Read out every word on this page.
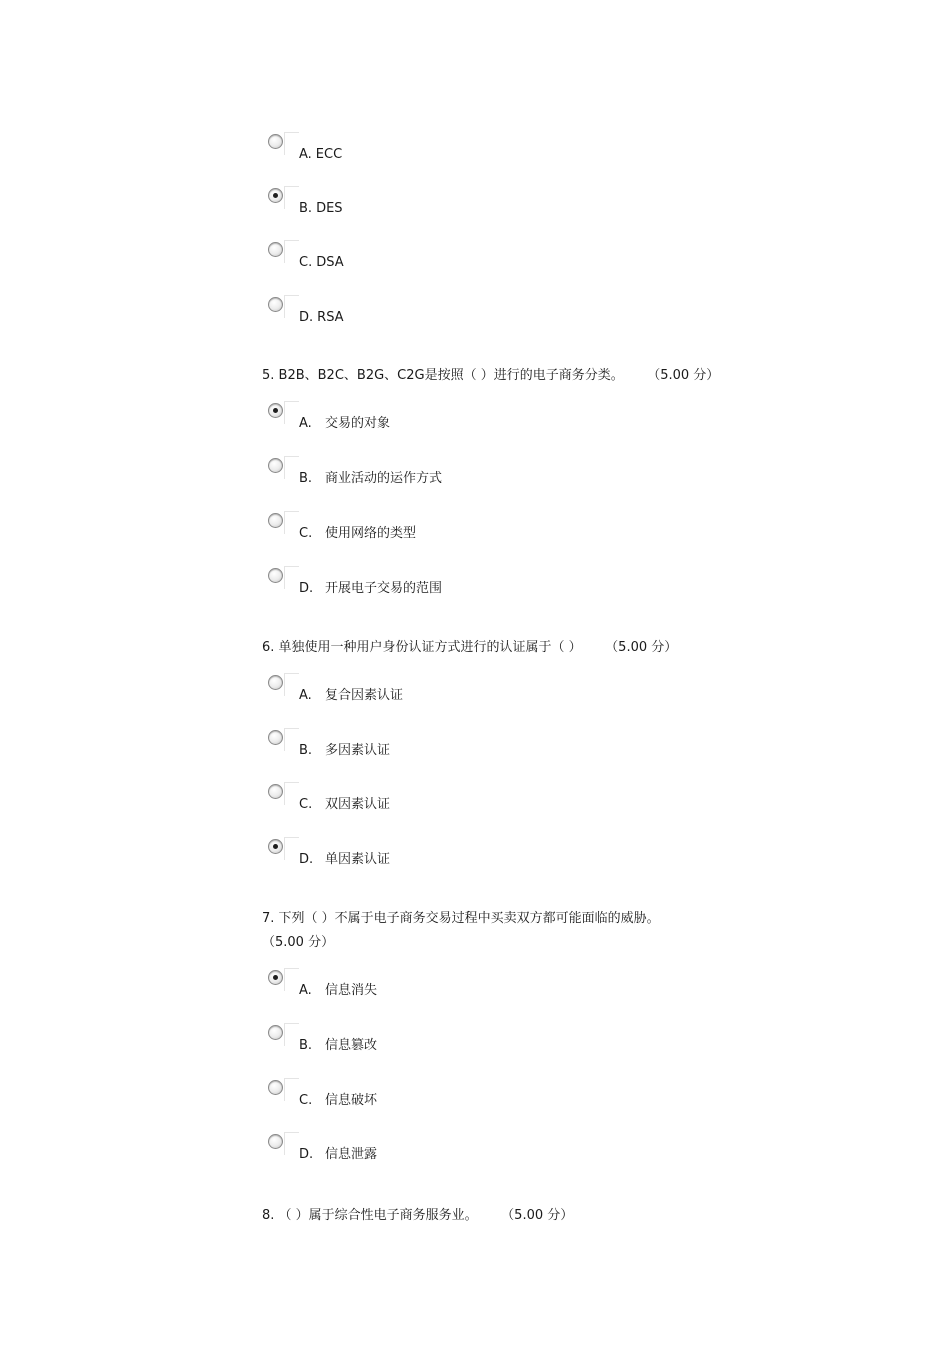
A. ECC
B. DES
C. DSA
D. RSA
5. B2B、B2C、B2G、C2G是按照（ ）进行的电子商务分类。 （5.00 分）
A. 交易的对象
B. 商业活动的运作方式
C. 使用网络的类型
D. 开展电子交易的范围
6. 单独使用一种用户身份认证方式进行的认证属于（ ） （5.00 分）
A. 复合因素认证
B. 多因素认证
C. 双因素认证
D. 单因素认证
7. 下列（ ）不属于电子商务交易过程中买卖双方都可能面临的威胁。
（5.00 分）
A. 信息消失
B. 信息篡改
C. 信息破坏
D. 信息泄露
8. （ ）属于综合性电子商务服务业。 （5.00 分）
